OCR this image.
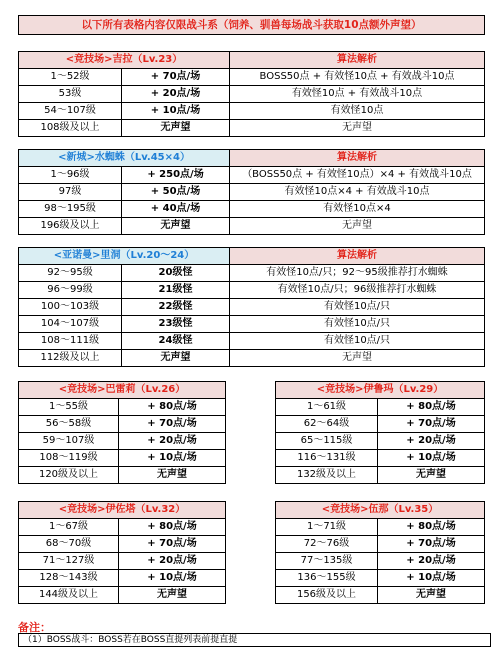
以下所有表格内容仅限战斗系（饲养、驯兽每场战斗获取10点额外声望）
<竞技场>吉拉（Lv.23）		算法解析
1～52级	+ 70点/场	BOSS50点 + 有效怪10点 + 有效战斗10点
53级	+ 20点/场	有效怪10点 + 有效战斗10点
54～107级	+ 10点/场	有效怪10点
108级及以上	无声望	无声望
<新城>水蜘蛛（Lv.45×4）		算法解析
1～96级	+ 250点/场	（BOSS50点 + 有效怪10点）×4 + 有效战斗10点
97级	+ 50点/场	有效怪10点×4 + 有效战斗10点
98～195级	+ 40点/场	有效怪10点×4
196级及以上	无声望	无声望
<亚诺曼>里洞（Lv.20～24）		算法解析
92～95级	20级怪	有效怪10点/只；92～95级推荐打水蜘蛛
96～99级	21级怪	有效怪10点/只；96级推荐打水蜘蛛
100～103级	22级怪	有效怪10点/只
104～107级	23级怪	有效怪10点/只
108～111级	24级怪	有效怪10点/只
112级及以上	无声望	无声望
<竞技场>巴雷莉（Lv.26）	
1～55级	+ 80点/场
56～58级	+ 70点/场
59～107级	+ 20点/场
108～119级	+ 10点/场
120级及以上	无声望
<竞技场>伊鲁玛（Lv.29）	
1～61级	+ 80点/场
62～64级	+ 70点/场
65～115级	+ 20点/场
116～131级	+ 10点/场
132级及以上	无声望
<竞技场>伊佐塔（Lv.32）	
1～67级	+ 80点/场
68～70级	+ 70点/场
71～127级	+ 20点/场
128～143级	+ 10点/场
144级及以上	无声望
<竞技场>伍那（Lv.35）	
1～71级	+ 80点/场
72～76级	+ 70点/场
77～135级	+ 20点/场
136～155级	+ 10点/场
156级及以上	无声望
备注：
（1）BOSS战斗：BOSS若在BOSS直提列表前提直提
